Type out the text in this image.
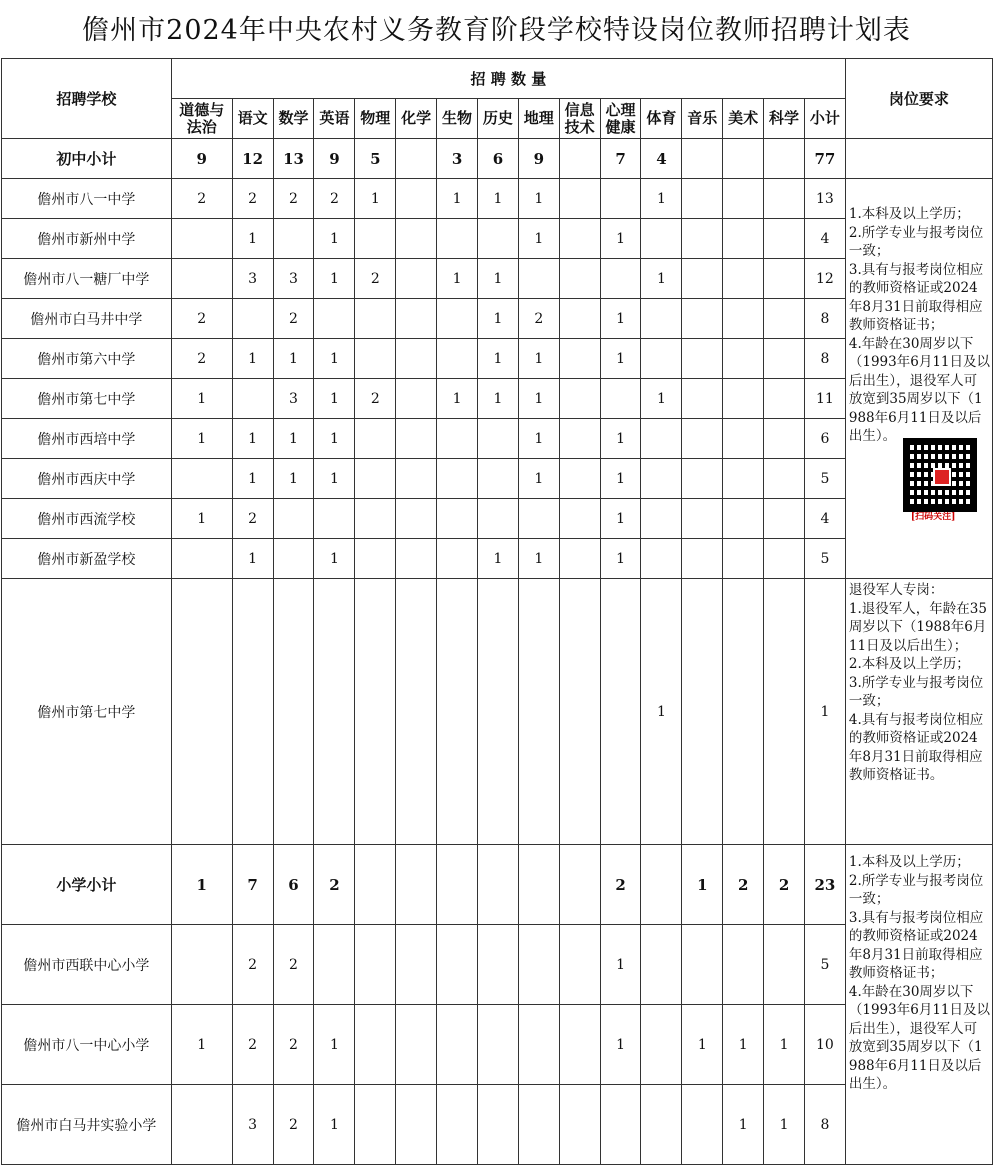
儋州市2024年中央农村义务教育阶段学校特设岗位教师招聘计划表
招聘学校	招 聘 数 量																岗位要求
	道德与法治	语文	数学	英语	物理	化学	生物	历史	地理	信息技术	心理健康	体育	音乐	美术	科学	小计	
初中小计	9	12	13	9	5		3	6	9		7	4				77	
儋州市八一中学	2	2	2	2	1		1	1	1			1				13	1.本科及以上学历；
2.所学专业与报考岗位一致；
3.具有与报考岗位相应的教师资格证或2024年8月31日前取得相应教师资格证书；
4.年龄在30周岁以下（1993年6月11日及以后出生），退役军人可放宽到35周岁以下（1988年6月11日及以后出生）。
[扫码关注]

儋州市新州中学		1		1					1		1					4	
儋州市八一糖厂中学		3	3	1	2		1	1				1				12	
儋州市白马井中学	2		2					1	2		1					8	
儋州市第六中学	2	1	1	1				1	1		1					8	
儋州市第七中学	1		3	1	2		1	1	1			1				11	
儋州市西培中学	1	1	1	1					1		1					6	
儋州市西庆中学		1	1	1					1		1					5	
儋州市西流学校	1	2									1					4	
儋州市新盈学校		1		1				1	1		1					5	
儋州市第七中学												1				1	退役军人专岗：
1.退役军人，年龄在35周岁以下（1988年6月11日及以后出生）；
2.本科及以上学历；
3.所学专业与报考岗位一致；
4.具有与报考岗位相应的教师资格证或2024年8月31日前取得相应教师资格证书。
小学小计	1	7	6	2							2		1	2	2	23	1.本科及以上学历；
2.所学专业与报考岗位一致；
3.具有与报考岗位相应的教师资格证或2024年8月31日前取得相应教师资格证书；
4.年龄在30周岁以下（1993年6月11日及以后出生），退役军人可放宽到35周岁以下（1988年6月11日及以后出生）。
儋州市西联中心小学		2	2								1					5	
儋州市八一中心小学	1	2	2	1							1		1	1	1	10	
儋州市白马井实验小学		3	2	1										1	1	8	
